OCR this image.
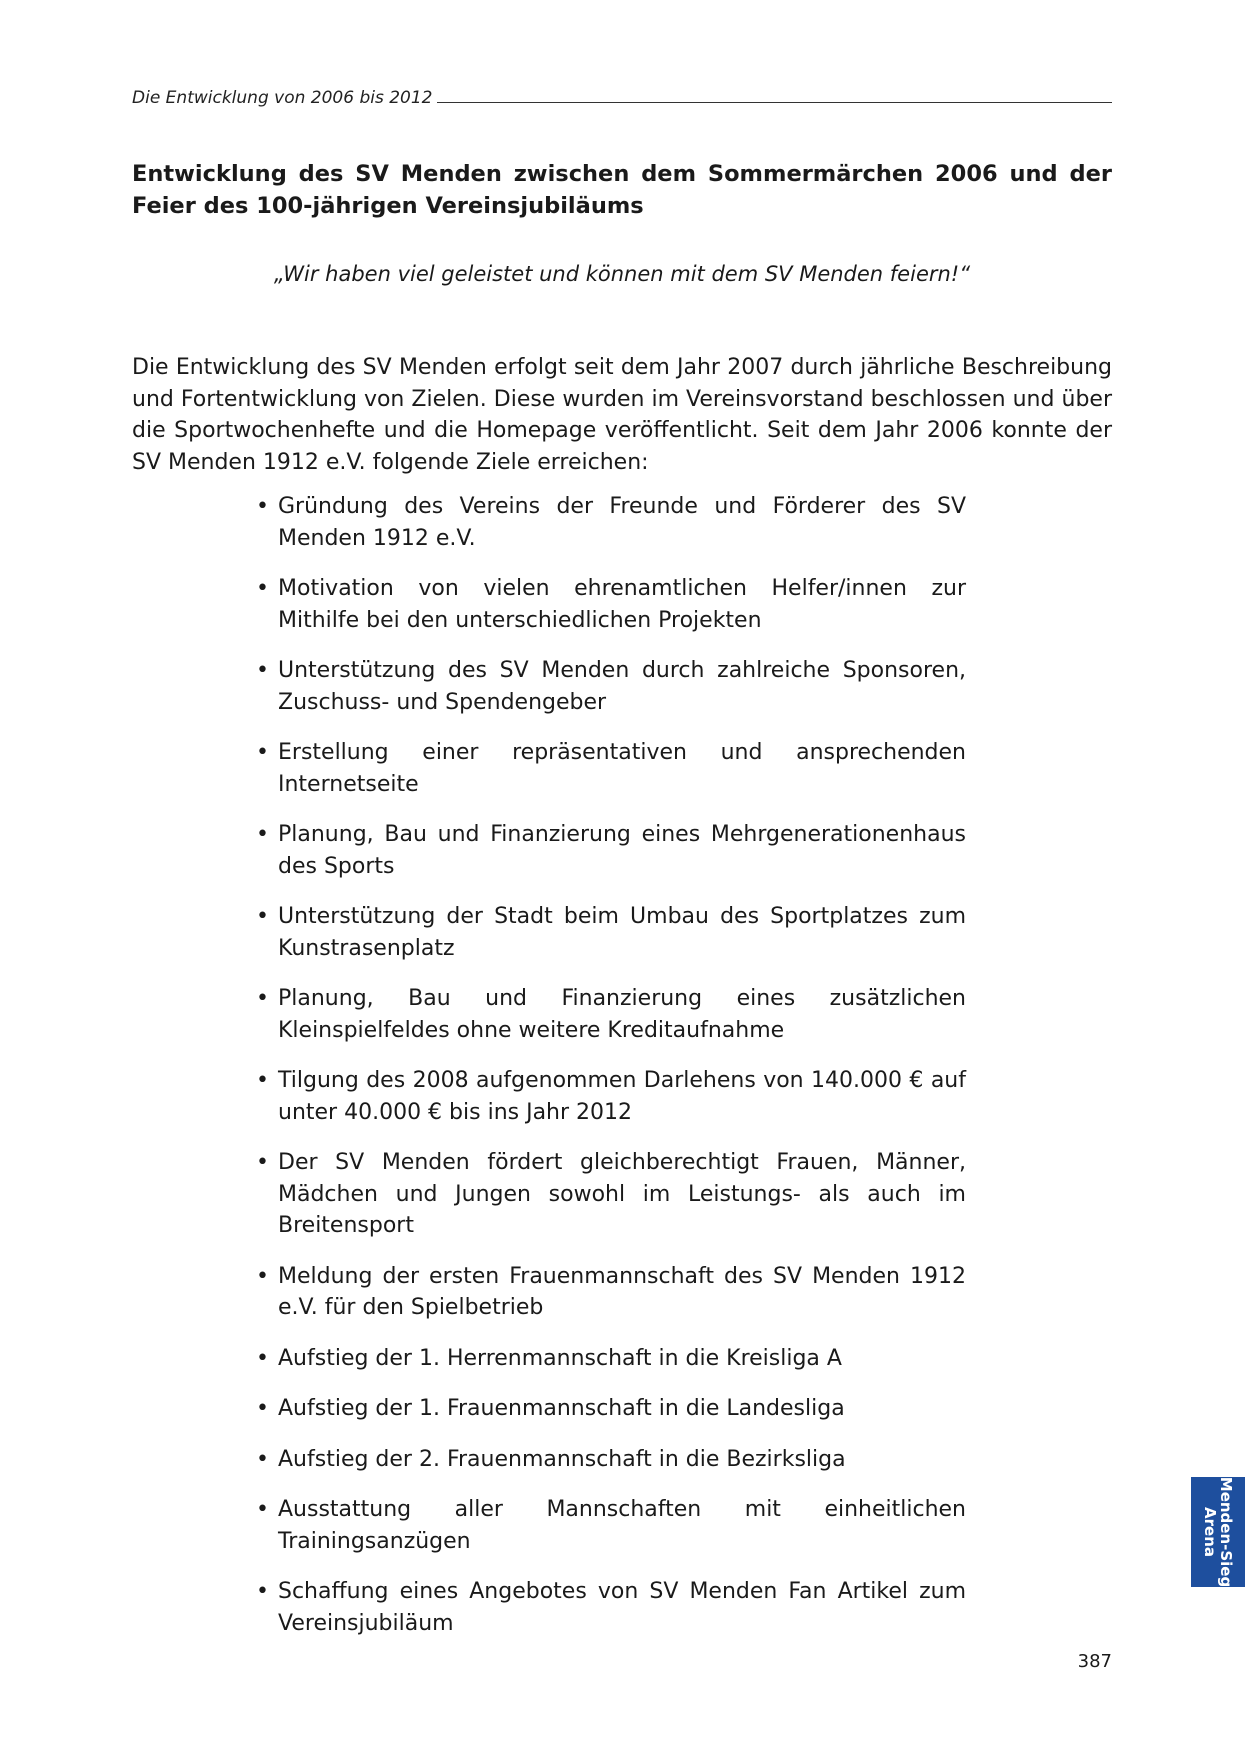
Die Entwicklung von 2006 bis 2012
Entwicklung des SV Menden zwischen dem Sommermärchen 2006 und der Feier des 100-jährigen Vereinsjubiläums
„Wir haben viel geleistet und können mit dem SV Menden feiern!“

Die Entwicklung des SV Menden erfolgt seit dem Jahr 2007 durch jährliche Beschreibung und Fortentwicklung von Zielen. Diese wurden im Vereinsvorstand beschlossen und über die Sportwochenhefte und die Homepage veröffentlicht. Seit dem Jahr 2006 konnte der SV Menden 1912 e.V. folgende Ziele erreichen:

• Gründung des Vereins der Freunde und Förderer des SV Menden 1912 e.V.
• Motivation von vielen ehrenamtlichen Helfer/innen zur Mithilfe bei den unterschiedlichen Projekten
• Unterstützung des SV Menden durch zahlreiche Sponsoren, Zuschuss- und Spendengeber
• Erstellung einer repräsentativen und ansprechenden Internetseite
• Planung, Bau und Finanzierung eines Mehrgenerationenhaus des Sports
• Unterstützung der Stadt beim Umbau des Sportplatzes zum Kunstrasenplatz
• Planung, Bau und Finanzierung eines zusätzlichen Kleinspielfeldes ohne weitere Kreditaufnahme
• Tilgung des 2008 aufgenommen Darlehens von 140.000 € auf unter 40.000 € bis ins Jahr 2012
• Der SV Menden fördert gleichberechtigt Frauen, Männer, Mädchen und Jungen sowohl im Leistungs- als auch im Breitensport
• Meldung der ersten Frauenmannschaft des SV Menden 1912 e.V. für den Spielbetrieb
• Aufstieg der 1. Herrenmannschaft in die Kreisliga A
• Aufstieg der 1. Frauenmannschaft in die Landesliga
• Aufstieg der 2. Frauenmannschaft in die Bezirksliga
• Ausstattung aller Mannschaften mit einheitlichen Trainingsanzügen
• Schaffung eines Angebotes von SV Menden Fan Artikel zum Vereinsjubiläum
Menden-Sieg
Arena
387
